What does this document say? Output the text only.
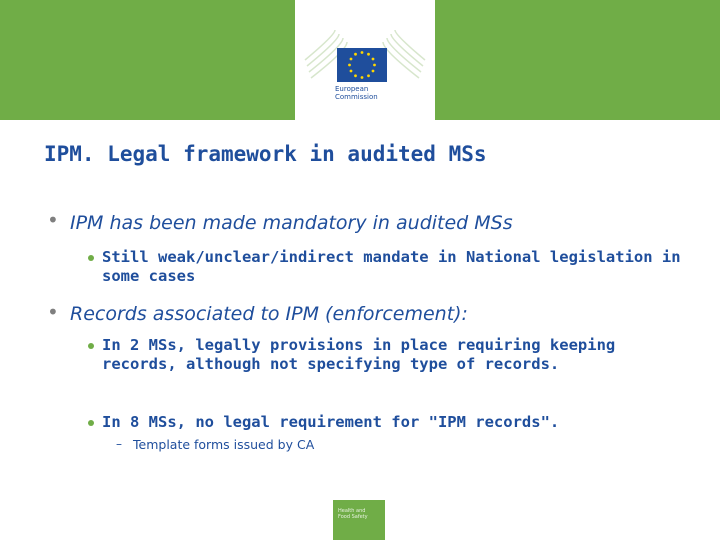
European
Commission
IPM. Legal framework in audited MSs
• IPM has been made mandatory in audited MSs
Still weak/unclear/indirect mandate in National legislation in some cases
• Records associated to IPM (enforcement):
In 2 MSs, legally provisions in place requiring keeping records, although not specifying type of records.
In 8 MSs, no legal requirement for "IPM records".
– Template forms issued by CA
Health and
Food Safety
